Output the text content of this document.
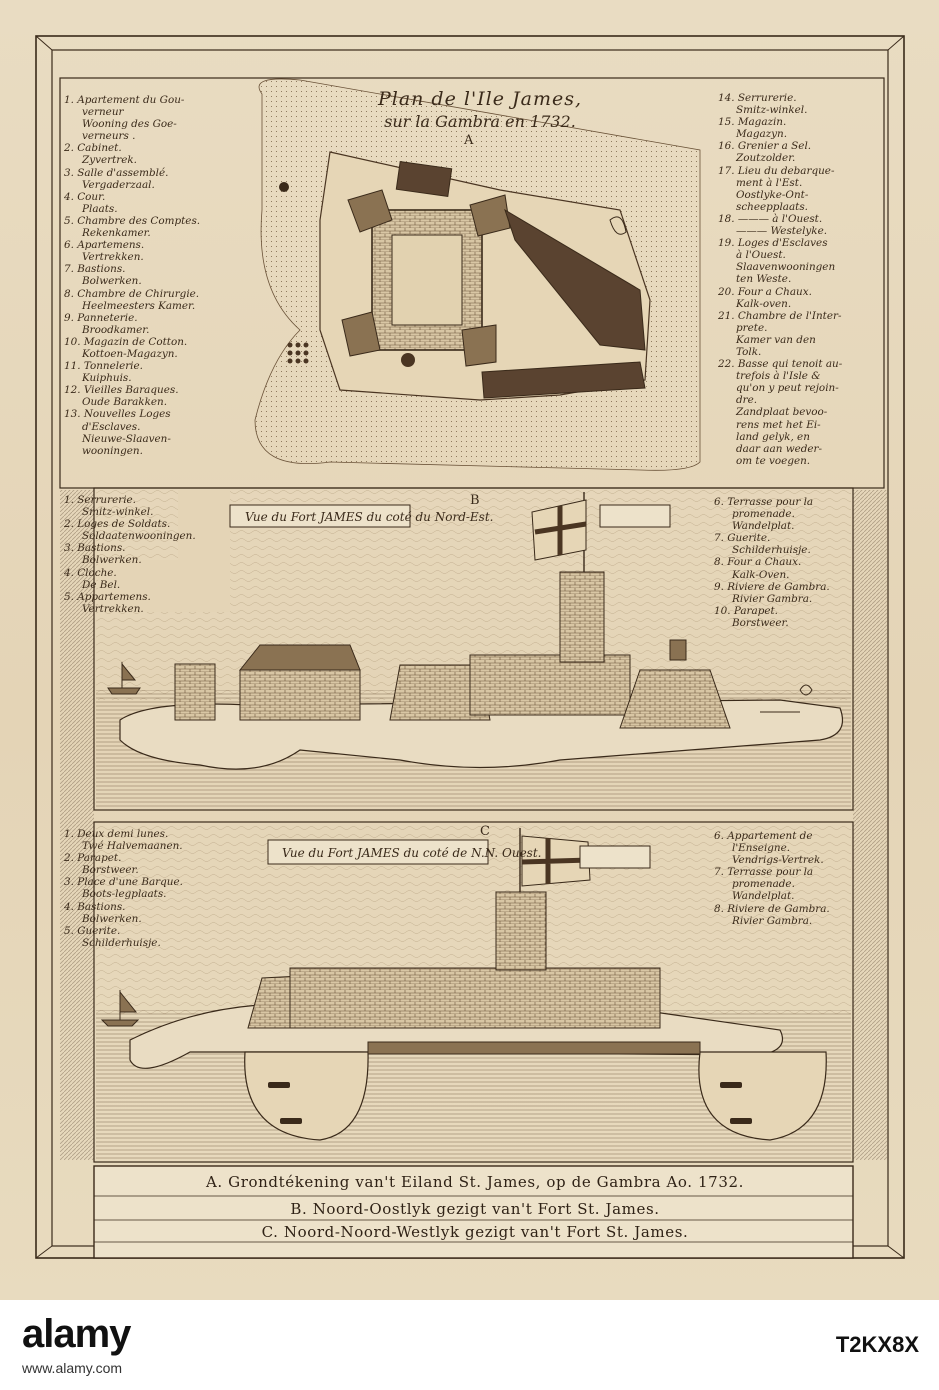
Plan de l'Ile James,
sur la Gambra en 1732.
A
1. Apartement du Gou-
verneur
Wooning des Goe-
verneurs .
2. Cabinet.
Zyvertrek.
3. Salle d'assemblé.
Vergaderzaal.
4. Cour.
Plaats.
5. Chambre des Comptes.
Rekenkamer.
6. Apartemens.
Vertrekken.
7. Bastions.
Bolwerken.
8. Chambre de Chirurgie.
Heelmeesters Kamer.
9. Panneterie.
Broodkamer.
10. Magazin de Cotton.
Kottoen-Magazyn.
11. Tonnelerie.
Kuiphuis.
12. Vieilles Baraques.
Oude Barakken.
13. Nouvelles Loges
d'Esclaves.
Nieuwe-Slaaven-
wooningen.
14. Serrurerie.
Smitz-winkel.
15. Magazin.
Magazyn.
16. Grenier a Sel.
Zoutzolder.
17. Lieu du debarque-
ment à l'Est.
Oostlyke-Ont-
scheepplaats.
18. ——— à l'Ouest.
——— Westelyke.
19. Loges d'Esclaves
à l'Ouest.
Slaavenwooningen
ten Weste.
20. Four a Chaux.
Kalk-oven.
21. Chambre de l'Inter-
prete.
Kamer van den
Tolk.
22. Basse qui tenoit au-
trefois à l'Isle &
qu'on y peut rejoin-
dre.
Zandplaat bevoo-
rens met het Ei-
land gelyk, en
daar aan weder-
om te voegen.
B
Vue du Fort JAMES du coté du Nord-Est.
1. Serrurerie.
Smitz-winkel.
2. Loges de Soldats.
Soldaatenwooningen.
3. Bastions.
Bolwerken.
4. Cloche.
De Bel.
5. Appartemens.
Vertrekken.
6. Terrasse pour la
promenade.
Wandelplat.
7. Guerite.
Schilderhuisje.
8. Four a Chaux.
Kalk-Oven.
9. Riviere de Gambra.
Rivier Gambra.
10. Parapet.
Borstweer.
C
Vue du Fort JAMES du coté de N.N. Ouest.
1. Deux demi lunes.
Twé Halvemaanen.
2. Parapet.
Borstweer.
3. Place d'une Barque.
Boots-legplaats.
4. Bastions.
Bolwerken.
5. Guerite.
Schilderhuisje.
6. Appartement de
l'Enseigne.
Vendrigs-Vertrek.
7. Terrasse pour la
promenade.
Wandelplat.
8. Riviere de Gambra.
Rivier Gambra.
A. Grondtékening van't Eiland St. James, op de Gambra Ao. 1732.
B. Noord-Oostlyk gezigt van't Fort St. James.
C. Noord-Noord-Westlyk gezigt van't Fort St. James.
alamy	T2KX8X
www.alamy.com
